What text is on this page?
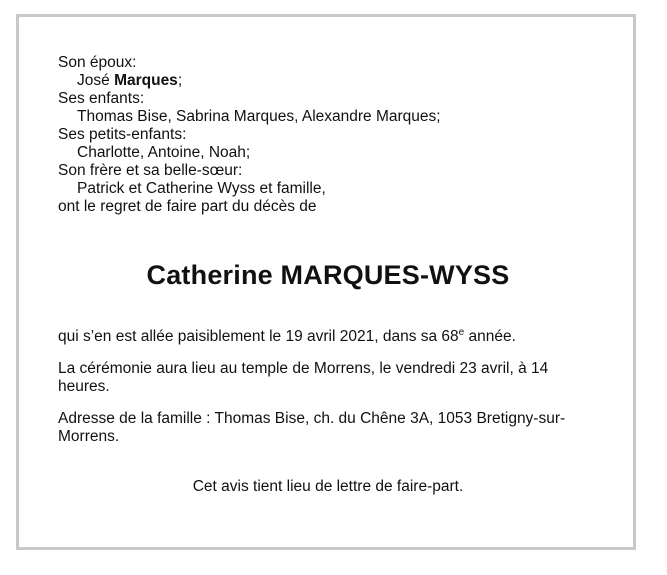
Son époux:

José Marques;

Ses enfants:

Thomas Bise, Sabrina Marques, Alexandre Marques;

Ses petits-enfants:

Charlotte, Antoine, Noah;

Son frère et sa belle-sœur:

Patrick et Catherine Wyss et famille,

ont le regret de faire part du décès de

Catherine MARQUES-WYSS

qui s’en est allée paisiblement le 19 avril 2021, dans sa 68e année.

La cérémonie aura lieu au temple de Morrens, le vendredi 23 avril, à 14 heures.

Adresse de la famille : Thomas Bise, ch. du Chêne 3A, 1053 Bretigny-sur-Morrens.

Cet avis tient lieu de lettre de faire-part.
